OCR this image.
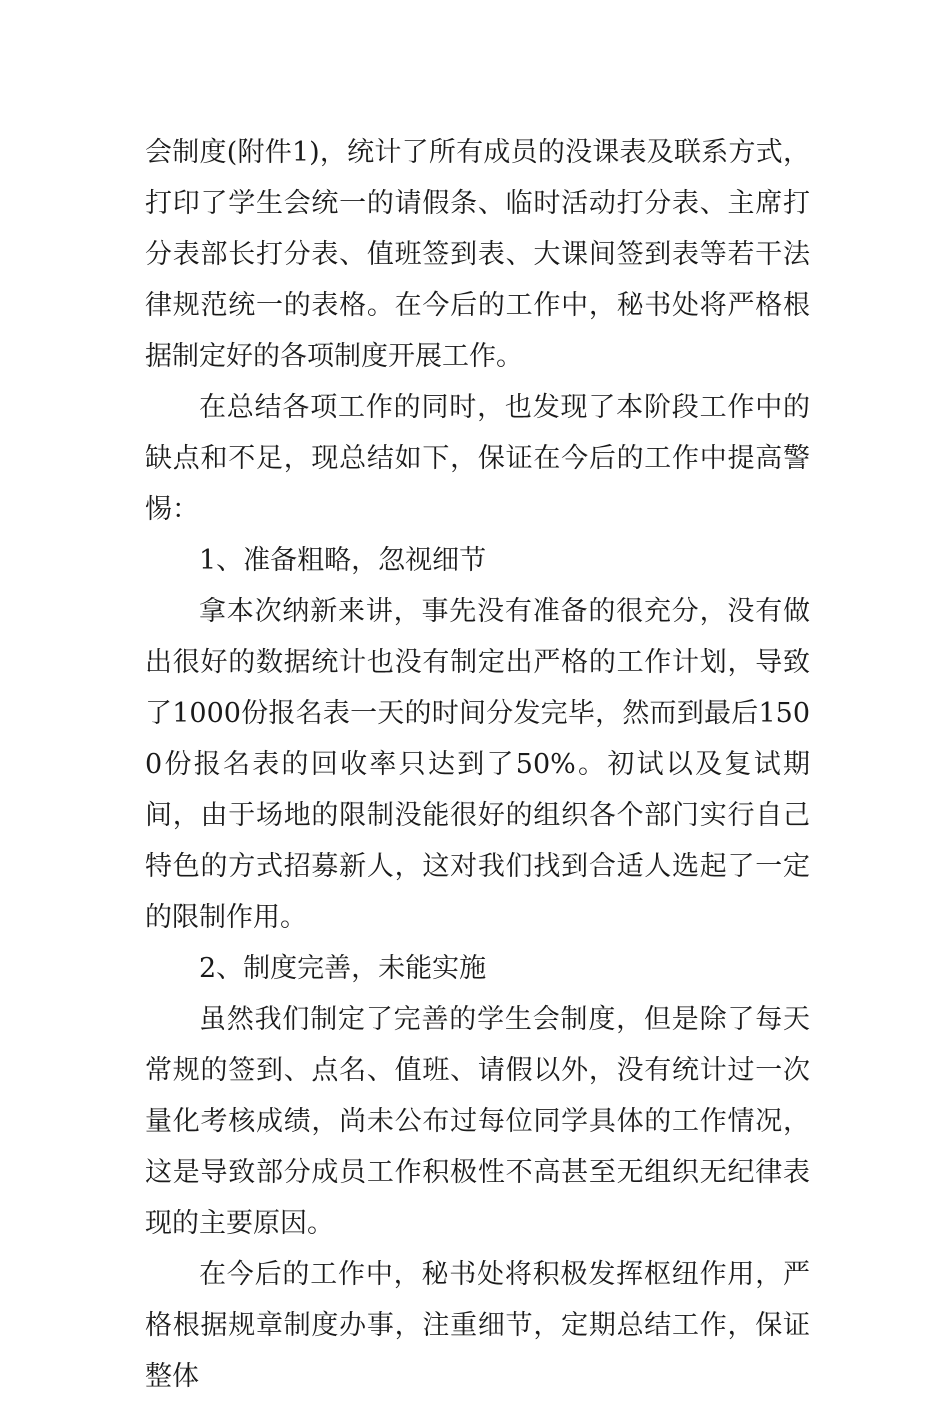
会制度(附件1)，统计了所有成员的没课表及联系方式，打印了学生会统一的请假条、临时活动打分表、主席打分表部长打分表、值班签到表、大课间签到表等若干法律规范统一的表格。在今后的工作中，秘书处将严格根据制定好的各项制度开展工作。

在总结各项工作的同时，也发现了本阶段工作中的缺点和不足，现总结如下，保证在今后的工作中提高警惕：

1、准备粗略，忽视细节

拿本次纳新来讲，事先没有准备的很充分，没有做出很好的数据统计也没有制定出严格的工作计划，导致了1000份报名表一天的时间分发完毕，然而到最后1500份报名表的回收率只达到了50%。初试以及复试期间，由于场地的限制没能很好的组织各个部门实行自己特色的方式招募新人，这对我们找到合适人选起了一定的限制作用。

2、制度完善，未能实施

虽然我们制定了完善的学生会制度，但是除了每天常规的签到、点名、值班、请假以外，没有统计过一次量化考核成绩，尚未公布过每位同学具体的工作情况，这是导致部分成员工作积极性不高甚至无组织无纪律表现的主要原因。

在今后的工作中，秘书处将积极发挥枢纽作用，严格根据规章制度办事，注重细节，定期总结工作，保证整体
